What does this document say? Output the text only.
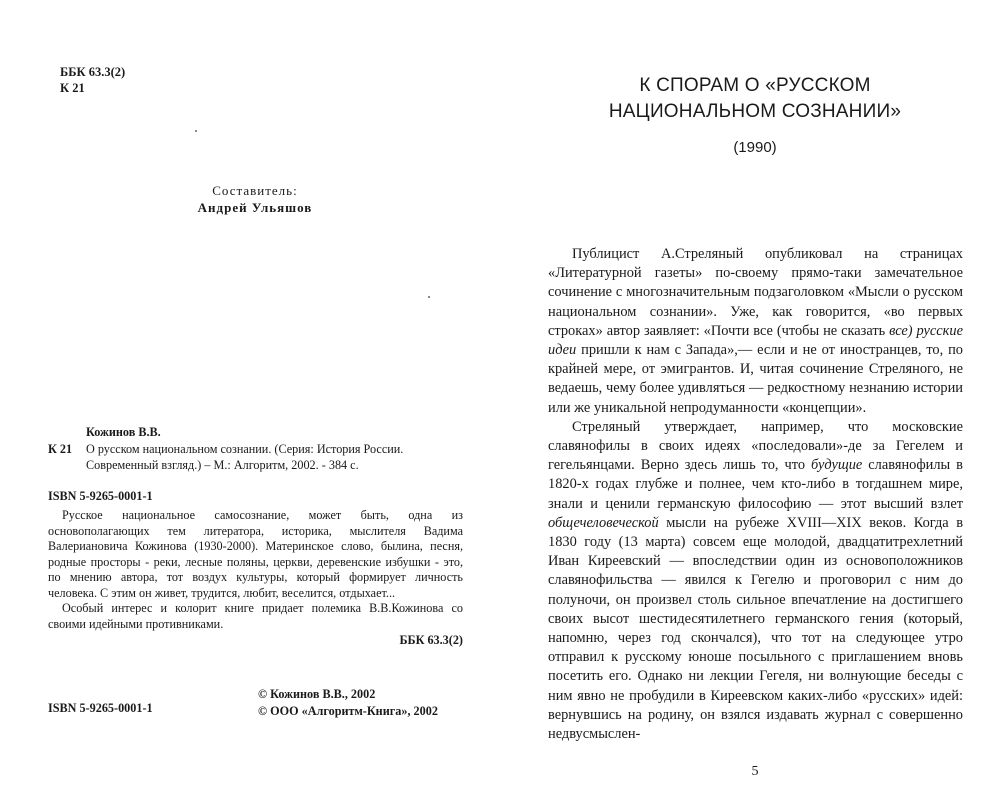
ББК 63.3(2)
К 21
Составитель:
Андрей Ульяшов
Кожинов В.В.
К 21 О русском национальном сознании. (Серия: История России. Современный взгляд.) – М.: Алгоритм, 2002. - 384 с.
ISBN 5-9265-0001-1

Русское национальное самосознание, может быть, одна из основополагающих тем литератора, историка, мыслителя Вадима Валериановича Кожинова (1930-2000). Материнское слово, былина, песня, родные просторы - реки, лесные поляны, церкви, деревенские избушки - это, по мнению автора, тот воздух культуры, который формирует личность человека. С этим он живет, трудится, любит, веселится, отдыхает...

Особый интерес и колорит книге придает полемика В.В.Кожинова со своими идейными противниками.

ББК 63.3(2)
ISBN 5-9265-0001-1
© Кожинов В.В., 2002
© ООО «Алгоритм-Книга», 2002
К СПОРАМ О «РУССКОМ
НАЦИОНАЛЬНОМ СОЗНАНИИ»
(1990)

Публицист А.Стреляный опубликовал на страницах «Литературной газеты» по-своему прямо-таки замечательное сочинение с многозначительным подзаголовком «Мысли о русском национальном сознании». Уже, как говорится, «во первых строках» автор заявляет: «Почти все (чтобы не сказать все) русские идеи пришли к нам с Запада»,— если и не от иностранцев, то, по крайней мере, от эмигрантов. И, читая сочинение Стреляного, не ведаешь, чему более удивляться — редкостному незнанию истории или же уникальной непродуманности «концепции».

Стреляный утверждает, например, что московские славянофилы в своих идеях «последовали»-де за Гегелем и гегельянцами. Верно здесь лишь то, что будущие славянофилы в 1820-х годах глубже и полнее, чем кто-либо в тогдашнем мире, знали и ценили германскую философию — этот высший взлет общечеловеческой мысли на рубеже XVIII—XIX веков. Когда в 1830 году (13 марта) совсем еще молодой, двадцатитрехлетний Иван Киреевский — впоследствии один из основоположников славянофильства — явился к Гегелю и проговорил с ним до полуночи, он произвел столь сильное впечатление на достигшего своих высот шестидесятилетнего германского гения (который, напомню, через год скончался), что тот на следующее утро отправил к русскому юноше посыльного с приглашением вновь посетить его. Однако ни лекции Гегеля, ни волнующие беседы с ним явно не пробудили в Киреевском каких-либо «русских» идей: вернувшись на родину, он взялся издавать журнал с совершенно недвусмыслен-

5
